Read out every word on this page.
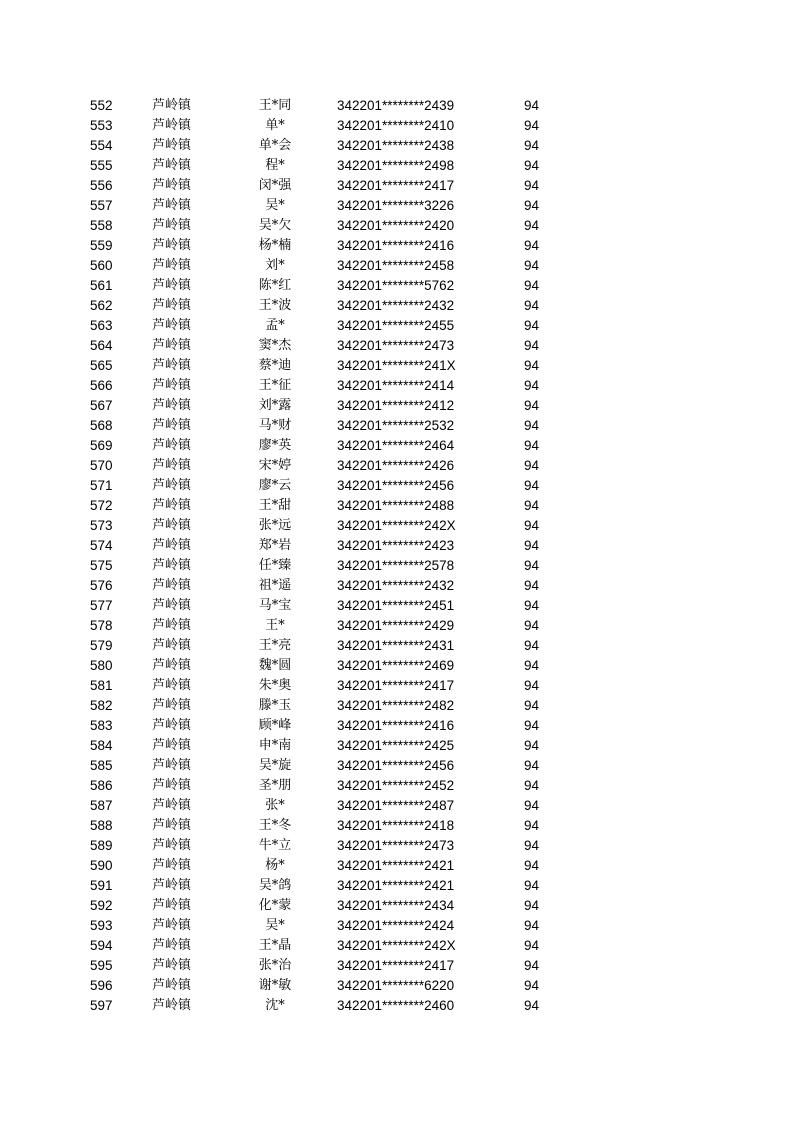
552	芦岭镇	王*同	342201********2439	94
553	芦岭镇	单*	342201********2410	94
554	芦岭镇	单*会	342201********2438	94
555	芦岭镇	程*	342201********2498	94
556	芦岭镇	闵*强	342201********2417	94
557	芦岭镇	吴*	342201********3226	94
558	芦岭镇	吴*欠	342201********2420	94
559	芦岭镇	杨*楠	342201********2416	94
560	芦岭镇	刘*	342201********2458	94
561	芦岭镇	陈*红	342201********5762	94
562	芦岭镇	王*波	342201********2432	94
563	芦岭镇	孟*	342201********2455	94
564	芦岭镇	窦*杰	342201********2473	94
565	芦岭镇	蔡*迪	342201********241X	94
566	芦岭镇	王*征	342201********2414	94
567	芦岭镇	刘*露	342201********2412	94
568	芦岭镇	马*财	342201********2532	94
569	芦岭镇	廖*英	342201********2464	94
570	芦岭镇	宋*婷	342201********2426	94
571	芦岭镇	廖*云	342201********2456	94
572	芦岭镇	王*甜	342201********2488	94
573	芦岭镇	张*远	342201********242X	94
574	芦岭镇	郑*岩	342201********2423	94
575	芦岭镇	任*臻	342201********2578	94
576	芦岭镇	祖*遥	342201********2432	94
577	芦岭镇	马*宝	342201********2451	94
578	芦岭镇	王*	342201********2429	94
579	芦岭镇	王*亮	342201********2431	94
580	芦岭镇	魏*圆	342201********2469	94
581	芦岭镇	朱*奥	342201********2417	94
582	芦岭镇	滕*玉	342201********2482	94
583	芦岭镇	顾*峰	342201********2416	94
584	芦岭镇	申*南	342201********2425	94
585	芦岭镇	吴*旋	342201********2456	94
586	芦岭镇	圣*朋	342201********2452	94
587	芦岭镇	张*	342201********2487	94
588	芦岭镇	王*冬	342201********2418	94
589	芦岭镇	牛*立	342201********2473	94
590	芦岭镇	杨*	342201********2421	94
591	芦岭镇	吴*鸽	342201********2421	94
592	芦岭镇	化*蒙	342201********2434	94
593	芦岭镇	吴*	342201********2424	94
594	芦岭镇	王*晶	342201********242X	94
595	芦岭镇	张*治	342201********2417	94
596	芦岭镇	谢*敏	342201********6220	94
597	芦岭镇	沈*	342201********2460	94
